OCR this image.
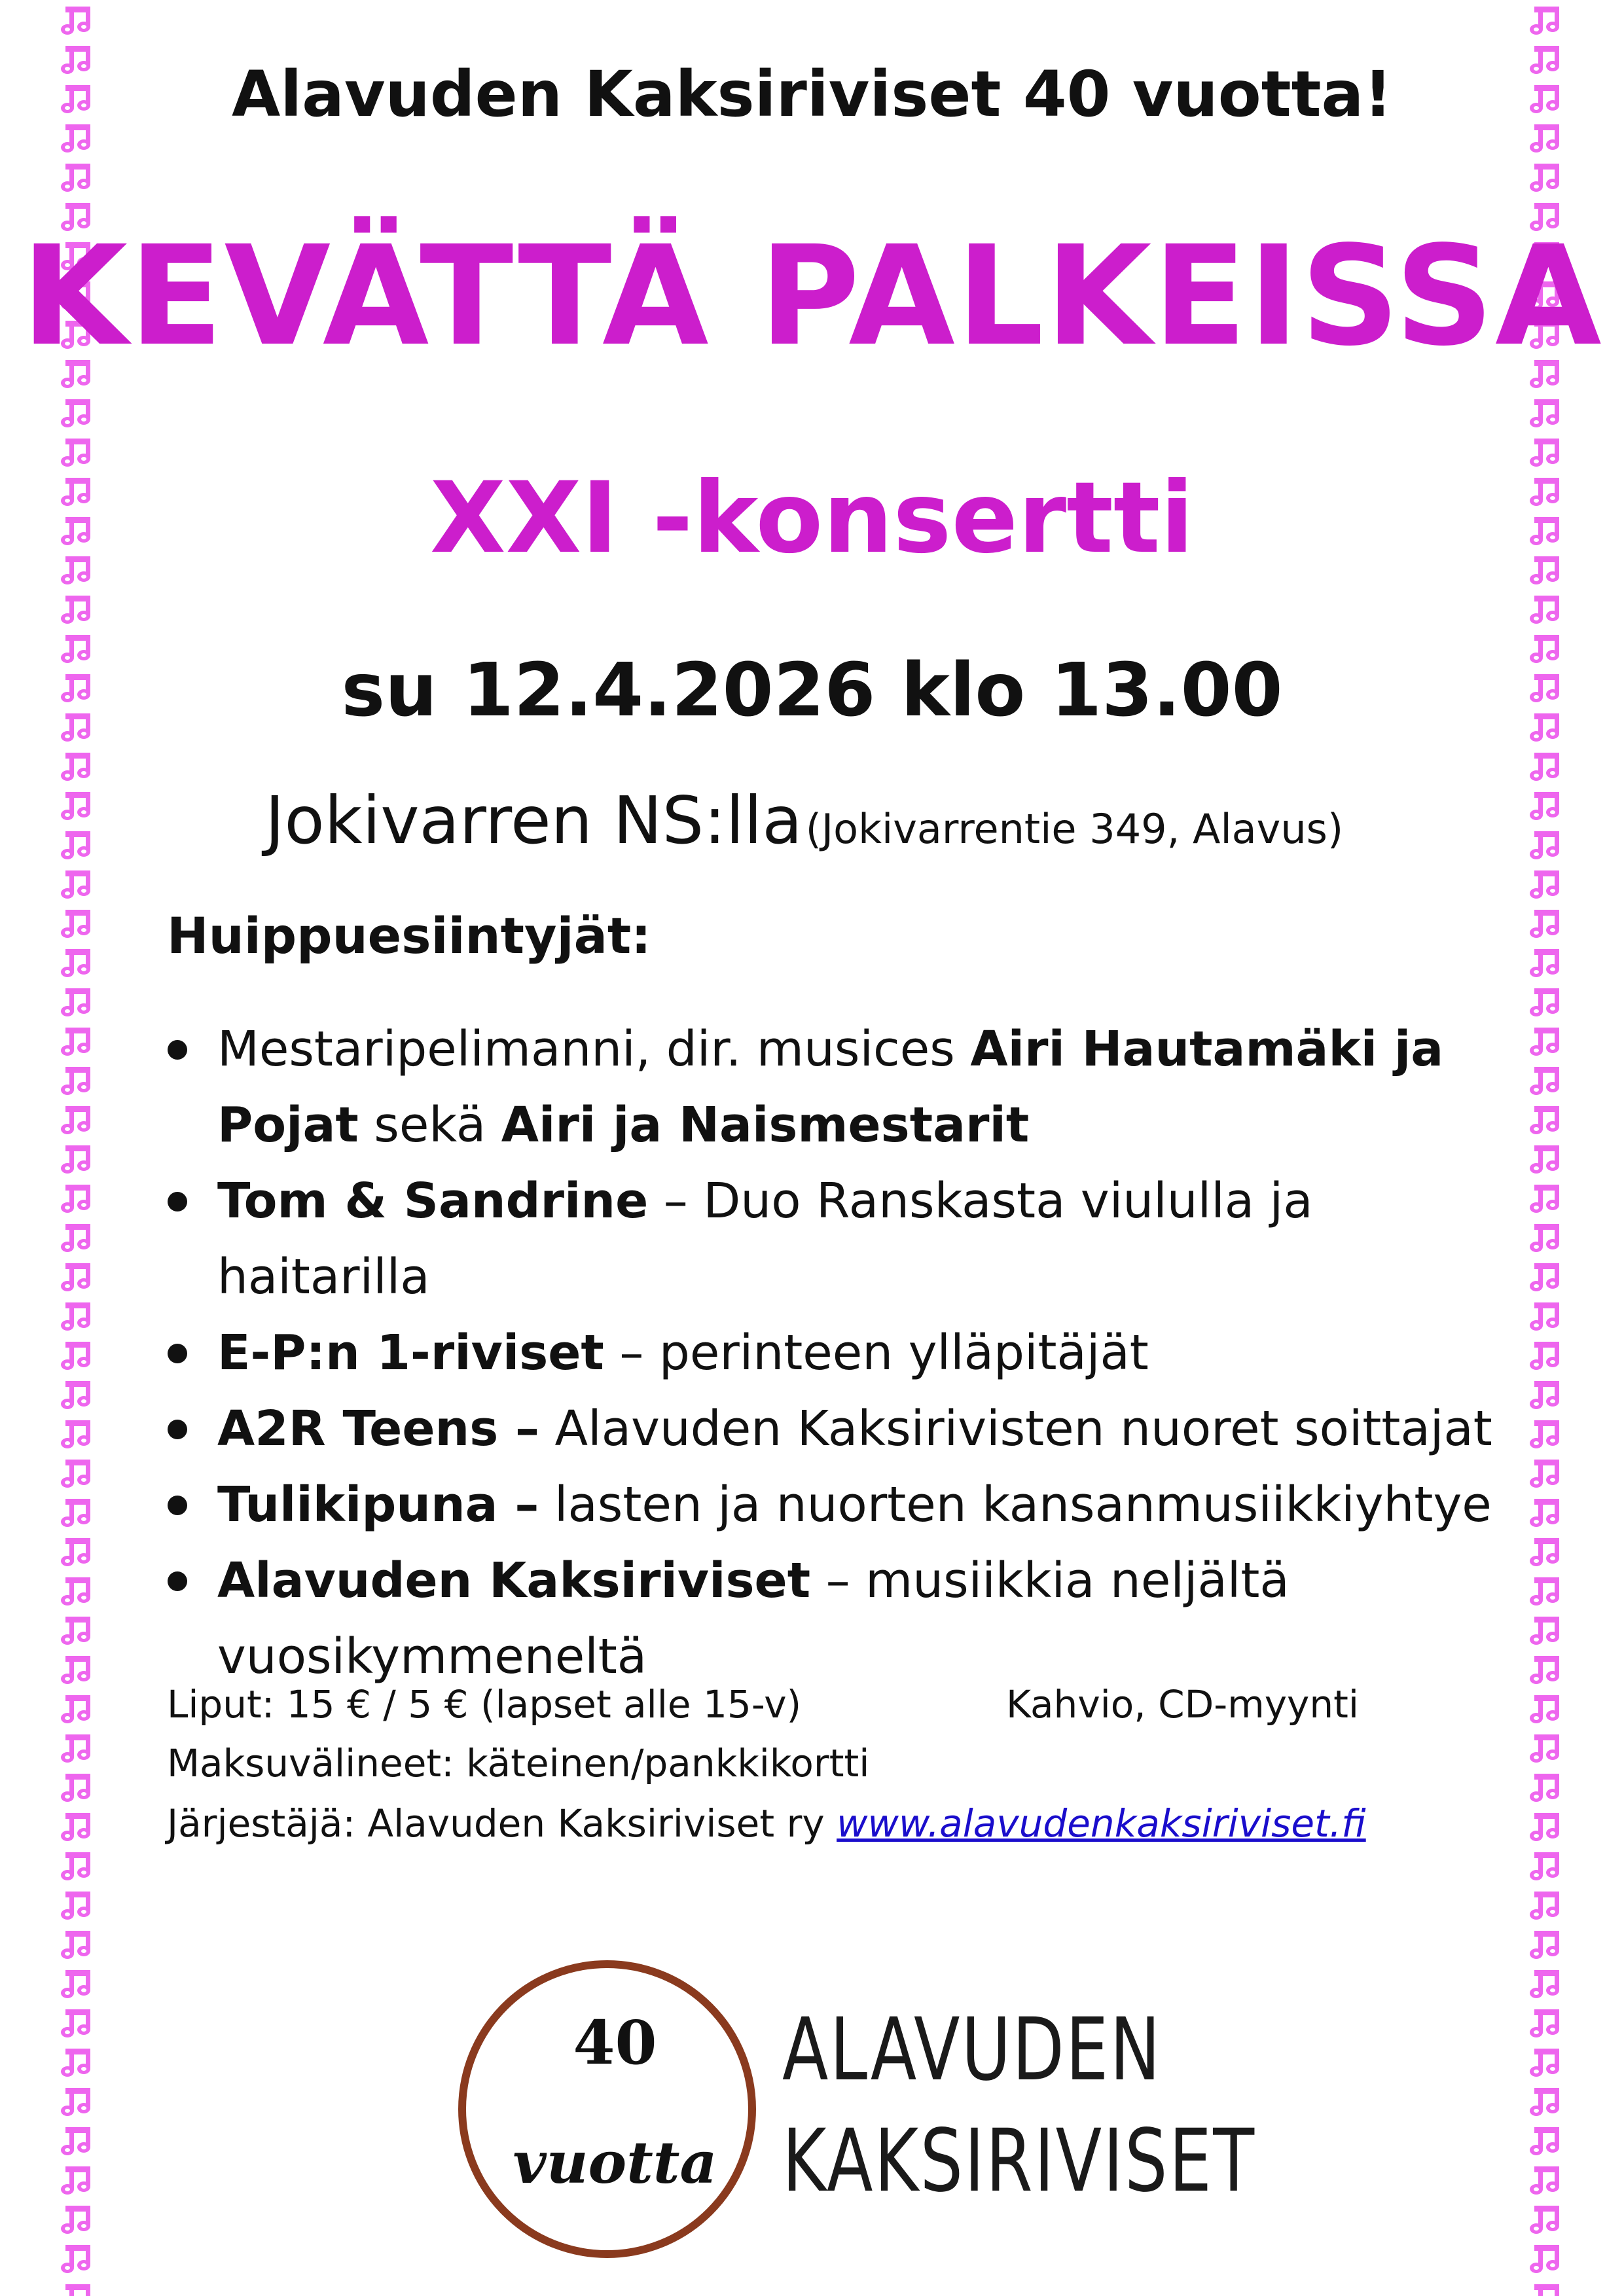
Alavuden Kaksiriviset 40 vuotta!
KEVÄTTÄ PALKEISSA
XXI -konsertti
su 12.4.2026 klo 13.00
Jokivarren NS:lla (Jokivarrentie 349, Alavus)
Huippuesiintyjät:
Mestaripelimanni, dir. musices Airi Hautamäki ja Pojat sekä Airi ja Naismestarit
Tom & Sandrine – Duo Ranskasta viululla ja haitarilla
E-P:n 1-riviset – perinteen ylläpitäjät
A2R Teens – Alavuden Kaksirivisten nuoret soittajat
Tulikipuna – lasten ja nuorten kansanmusiikkiyhtye
Alavuden Kaksiriviset – musiikkia neljältä vuosikymmeneltä
Liput: 15 € / 5 € (lapset alle 15-v)	Kahvio, CD-myynti
Maksuvälineet: käteinen/pankkikortti
Järjestäjä: Alavuden Kaksiriviset ry www.alavudenkaksiriviset.fi
40
vuotta
ALAVUDEN
KAKSIRIVISET
